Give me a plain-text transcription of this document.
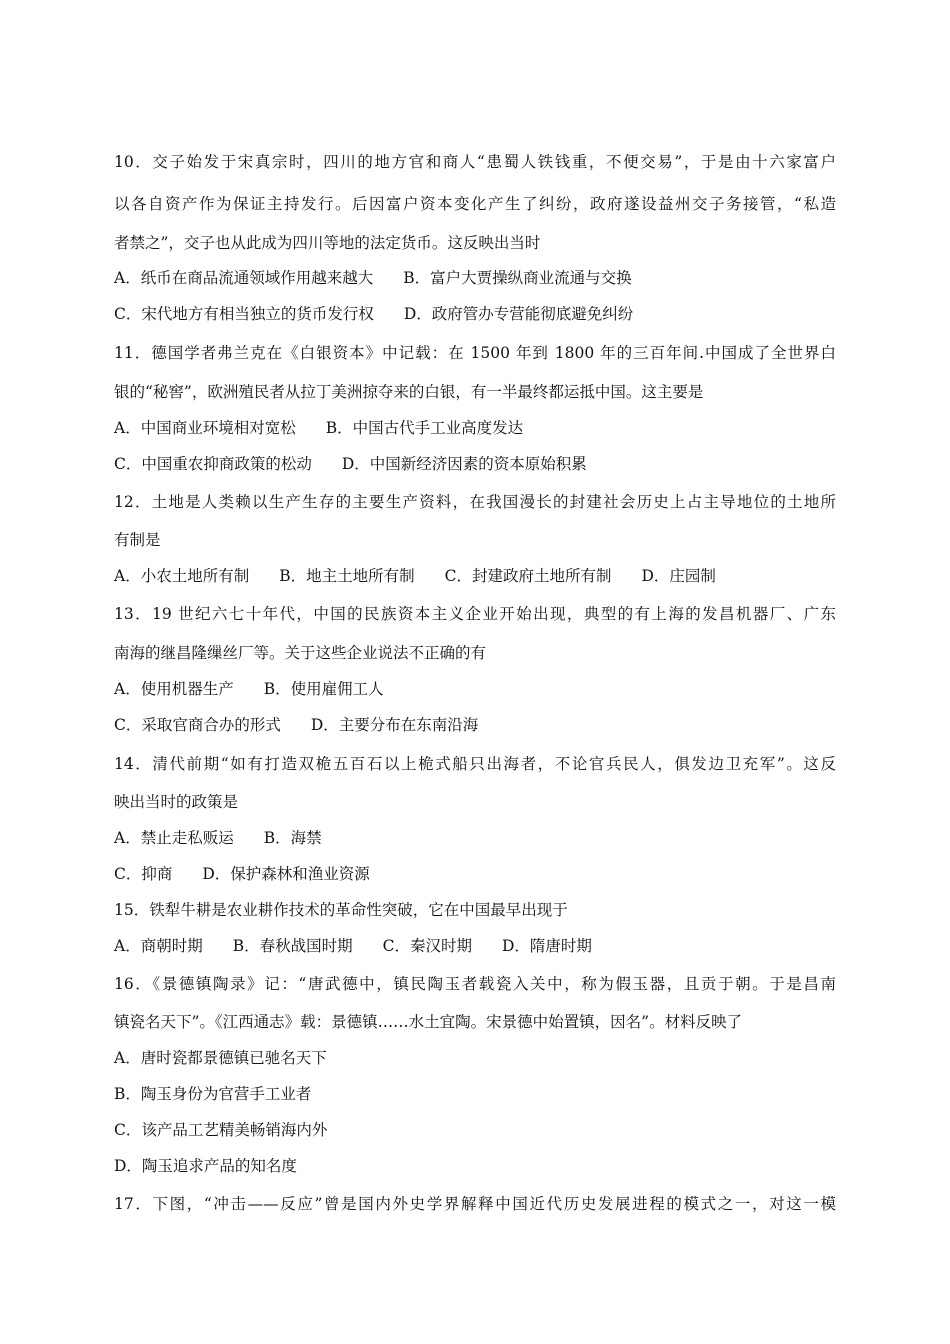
10．交子始发于宋真宗时，四川的地方官和商人“患蜀人铁钱重，不便交易”，于是由十六家富户
以各自资产作为保证主持发行。后因富户资本变化产生了纠纷，政府遂设益州交子务接管，“私造
者禁之”，交子也从此成为四川等地的法定货币。这反映出当时
A．纸币在商品流通领域作用越来越大 B．富户大贾操纵商业流通与交换
C．宋代地方有相当独立的货币发行权 D．政府管办专营能彻底避免纠纷
11．德国学者弗兰克在《白银资本》中记载：在 1500 年到 1800 年的三百年间.中国成了全世界白
银的“秘窖”，欧洲殖民者从拉丁美洲掠夺来的白银，有一半最终都运抵中国。这主要是
A．中国商业环境相对宽松 B．中国古代手工业高度发达
C．中国重农抑商政策的松动 D．中国新经济因素的资本原始积累
12．土地是人类赖以生产生存的主要生产资料，在我国漫长的封建社会历史上占主导地位的土地所
有制是
A．小农土地所有制 B．地主土地所有制 C．封建政府土地所有制 D．庄园制
13．19 世纪六七十年代，中国的民族资本主义企业开始出现，典型的有上海的发昌机器厂、广东
南海的继昌隆缫丝厂等。关于这些企业说法不正确的有
A．使用机器生产 B．使用雇佣工人
C．采取官商合办的形式 D．主要分布在东南沿海
14．清代前期“如有打造双桅五百石以上桅式船只出海者，不论官兵民人，俱发边卫充军”。这反
映出当时的政策是
A．禁止走私贩运 B．海禁
C．抑商 D．保护森林和渔业资源
15．铁犁牛耕是农业耕作技术的革命性突破，它在中国最早出现于
A．商朝时期 B．春秋战国时期 C．秦汉时期 D．隋唐时期
16．《景德镇陶录》记：“唐武德中，镇民陶玉者载瓷入关中，称为假玉器，且贡于朝。于是昌南
镇瓷名天下”。《江西通志》载：景德镇……水土宜陶。宋景德中始置镇，因名”。材料反映了
A．唐时瓷都景德镇已驰名天下
B．陶玉身份为官营手工业者
C．该产品工艺精美畅销海内外
D．陶玉追求产品的知名度
17．下图，“冲击——反应”曾是国内外史学界解释中国近代历史发展进程的模式之一，对这一模
